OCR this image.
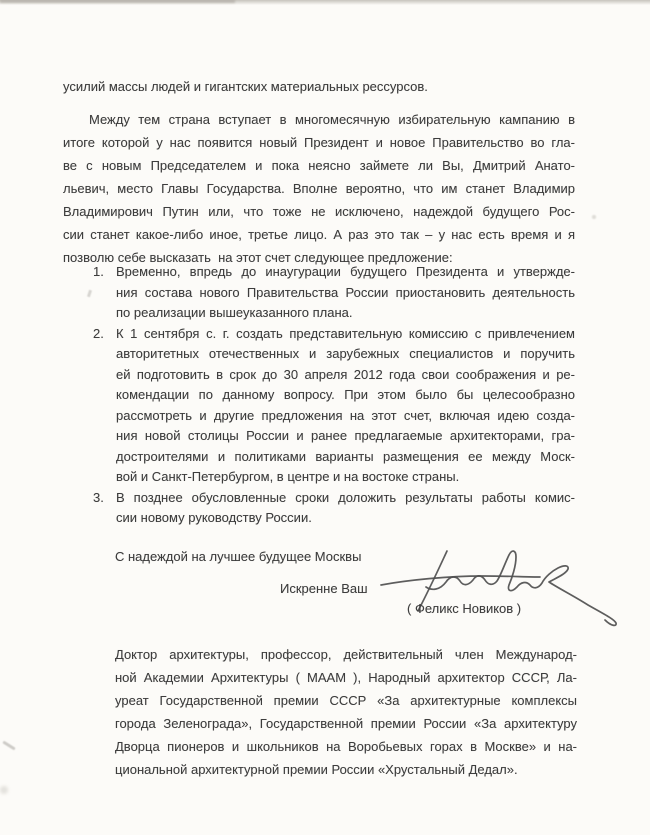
усилий массы людей и гигантских материальных рессурсов.
Между тем страна вступает в многомесячную избирательную кампанию в
итоге которой у нас появится новый Президент и новое Правительство во гла-
ве с новым Председателем и пока неясно займете ли Вы, Дмитрий Анато-
льевич, место Главы Государства. Вполне вероятно, что им станет Владимир
Владимирович Путин или, что тоже не исключено, надеждой будущего Рос-
сии станет какое-либо иное, третье лицо. А раз это так – у нас есть время и я
позволю себе высказать  на этот счет следующее предложение:
1. Временно, впредь до инаугурации будущего Президента и утвержде-
ния состава нового Правительства России приостановить деятельность
по реализации вышеуказанного плана.
2. К 1 сентября с. г. создать представительную комиссию с привлечением
авторитетных отечественных и зарубежных специалистов и поручить
ей подготовить в срок до 30 апреля 2012 года свои соображения и ре-
комендации по данному вопросу. При этом было бы целесообразно
рассмотреть и другие предложения на этот счет, включая идею созда-
ния новой столицы России и ранее предлагаемые архитекторами, гра-
достроителями и политиками варианты размещения ее между Моск-
вой и Санкт-Петербургом, в центре и на востоке страны.
3. В позднее обусловленные сроки доложить результаты работы комис-
сии новому руководству России.
С надеждой на лучшее будущее Москвы
Искренне Ваш
( Феликс Новиков )
Доктор архитектуры, профессор, действительный член Международ-
ной Академии Архитектуры ( МААМ ), Народный архитектор СССР, Ла-
уреат Государственной премии СССР «За архитектурные комплексы
города Зеленограда», Государственной премии России «За архитектуру
Дворца пионеров и школьников на Воробьевых горах в Москве» и на-
циональной архитектурной премии России «Хрустальный Дедал».
